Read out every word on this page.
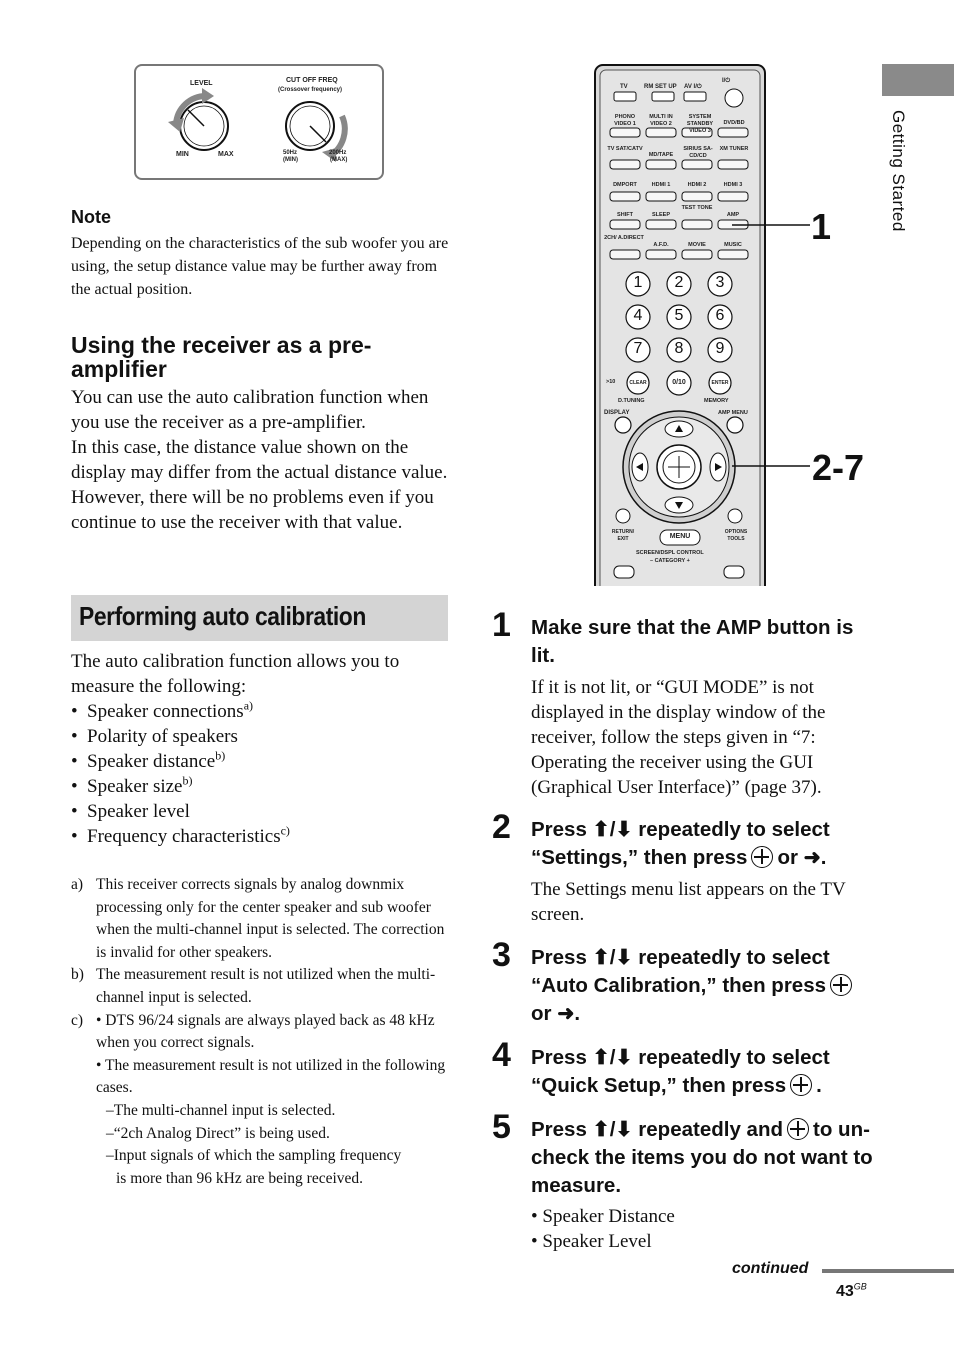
Getting Started
LEVEL
MIN	MAX
CUT OFF FREQ
(Crossover frequency)
50Hz
(MIN)
200Hz
(MAX)
Note
Depending on the characteristics of the sub woofer you are using, the setup distance value may be further away from the actual position.
Using the receiver as a pre-amplifier

You can use the auto calibration function when you use the receiver as a pre-amplifier.

In this case, the distance value shown on the display may differ from the actual distance value. However, there will be no problems even if you continue to use the receiver with that value.

Performing auto calibration
The auto calibration function allows you to measure the following:
• Speaker connections$^{a)}$
• Polarity of speakers
• Speaker distance$^{b)}$
• Speaker size$^{b)}$
• Speaker level
• Frequency characteristics$^{c)}$
a) This receiver corrects signals by analog downmix processing only for the center speaker and sub woofer when the multi-channel input is selected. The correction is invalid for other speakers.
b) The measurement result is not utilized when the multi-channel input is selected.
c) • DTS 96/24 signals are always played back as 48 kHz when you correct signals.
• The measurement result is not utilized in the following cases.
–The multi-channel input is selected.
–“2ch Analog Direct” is being used.
–Input signals of which the sampling frequency
is more than 96 kHz are being received.
TV	RM SET UP AV I/⏻
I/⏻
PHONO VIDEO 1
MULTI IN VIDEO 2
SYSTEM STANDBY VIDEO 3
DVD/BD
TV SAT/CATV
MD/TAPE
SIRIUS SA-CD/CD
XM TUNER
DMPORT	HDMI 1	HDMI 2	HDMI 3
SHIFT	SLEEP
TEST TONE
AMP
2CH/ A.DIRECT
A.F.D.	MOVIE	MUSIC
1 2 3
4 5 6
7 8 9
>10	CLEAR	0/10	ENTER
D.TUNING	MEMORY
DISPLAY	AMP MENU
RETURN/ EXIT
OPTIONS TOOLS
MENU
SCREEN/DSPL CONTROL
– CATEGORY +
1
2-7
1 Make sure that the AMP button is lit.
If it is not lit, or “GUI MODE” is not displayed in the display window of the receiver, follow the steps given in “7: Operating the receiver using the GUI (Graphical User Interface)” (page 37).
2 Press ⬆/⬇ repeatedly to select “Settings,” then press or ➜.
The Settings menu list appears on the TV screen.
3 Press ⬆/⬇ repeatedly to select “Auto Calibration,” then pressor ➜.
4 Press ⬆/⬇ repeatedly to select “Quick Setup,” then press .
5 Press ⬆/⬇ repeatedly and to un-check the items you do not want to measure.
• Speaker Distance
• Speaker Level
continued
$43^{GB}$
